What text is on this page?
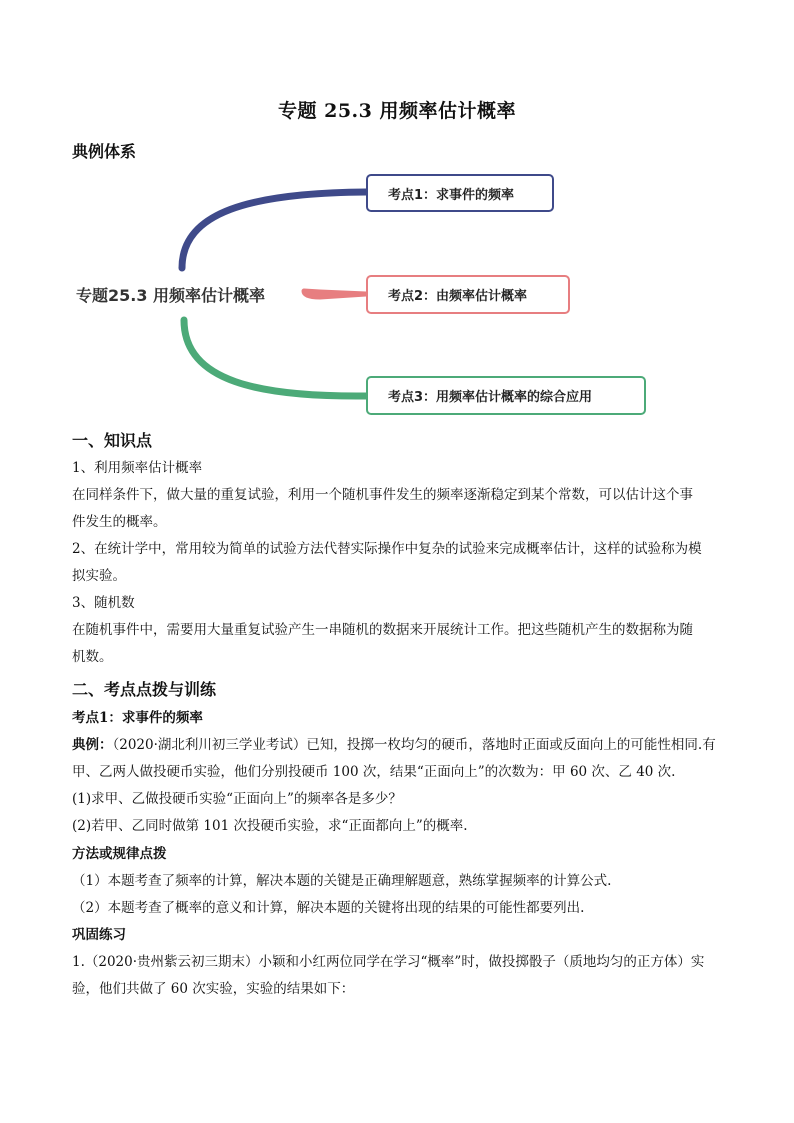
专题 25.3 用频率估计概率
典例体系
专题25.3 用频率估计概率
考点1：求事件的频率
考点2：由频率估计概率
考点3：用频率估计概率的综合应用
一、知识点
1、利用频率估计概率
在同样条件下，做大量的重复试验，利用一个随机事件发生的频率逐渐稳定到某个常数，可以估计这个事
件发生的概率。
2、在统计学中，常用较为简单的试验方法代替实际操作中复杂的试验来完成概率估计，这样的试验称为模
拟实验。
3、随机数
在随机事件中，需要用大量重复试验产生一串随机的数据来开展统计工作。把这些随机产生的数据称为随
机数。
二、考点点拨与训练
考点1：求事件的频率
典例：（2020·湖北利川初三学业考试）已知，投掷一枚均匀的硬币，落地时正面或反面向上的可能性相同.有
甲、乙两人做投硬币实验，他们分别投硬币 100 次，结果“正面向上”的次数为：甲 60 次、乙 40 次.
(1)求甲、乙做投硬币实验“正面向上”的频率各是多少？
(2)若甲、乙同时做第 101 次投硬币实验，求“正面都向上”的概率.
方法或规律点拨
（1）本题考查了频率的计算，解决本题的关键是正确理解题意，熟练掌握频率的计算公式.
（2）本题考查了概率的意义和计算，解决本题的关键将出现的结果的可能性都要列出.
巩固练习
1.（2020·贵州紫云初三期末）小颖和小红两位同学在学习“概率”时，做投掷骰子（质地均匀的正方体）实
验，他们共做了 60 次实验，实验的结果如下：
